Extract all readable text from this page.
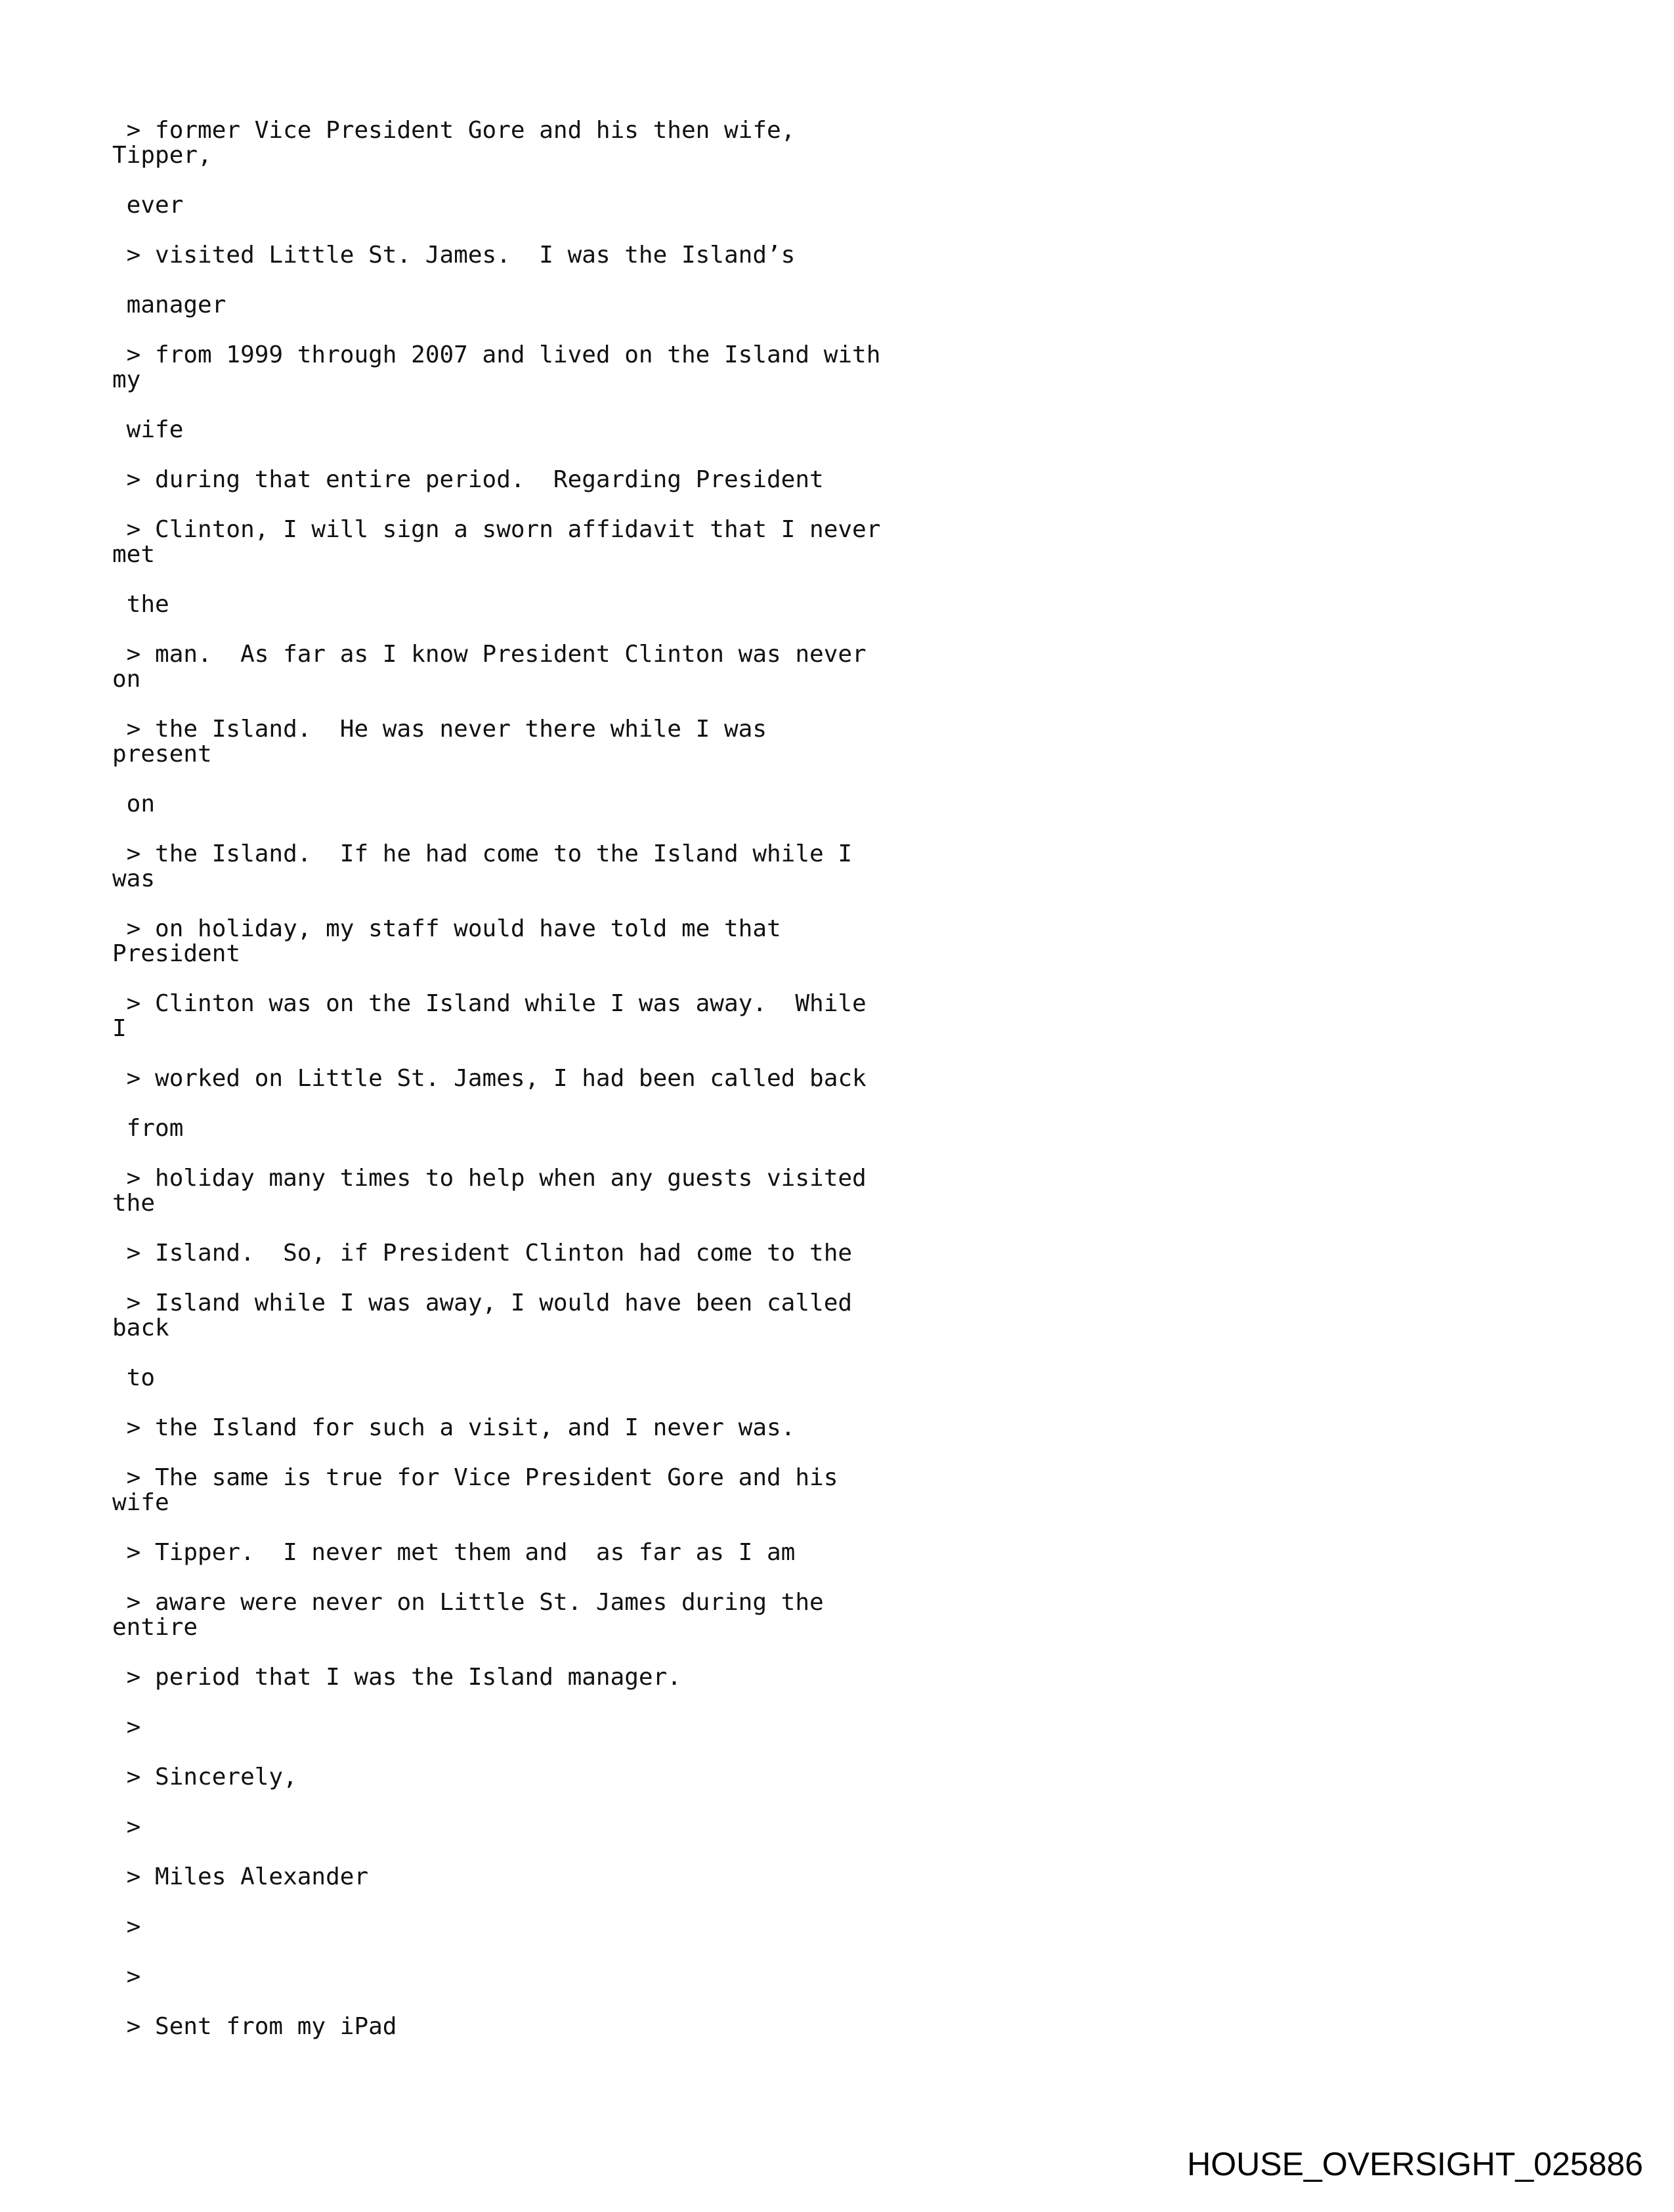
> former Vice President Gore and his then wife,
Tipper,
ever
> visited Little St. James.  I was the Island’s
manager
> from 1999 through 2007 and lived on the Island with
my
wife
> during that entire period.  Regarding President
> Clinton, I will sign a sworn affidavit that I never
met
the
> man.  As far as I know President Clinton was never
on
> the Island.  He was never there while I was
present
on
> the Island.  If he had come to the Island while I
was
> on holiday, my staff would have told me that
President
> Clinton was on the Island while I was away.  While
I
> worked on Little St. James, I had been called back
from
> holiday many times to help when any guests visited
the
> Island.  So, if President Clinton had come to the
> Island while I was away, I would have been called
back
to
> the Island for such a visit, and I never was.
> The same is true for Vice President Gore and his
wife
> Tipper.  I never met them and  as far as I am
> aware were never on Little St. James during the
entire
> period that I was the Island manager.
>
> Sincerely,
>
> Miles Alexander
>
>
> Sent from my iPad
HOUSE_OVERSIGHT_025886
